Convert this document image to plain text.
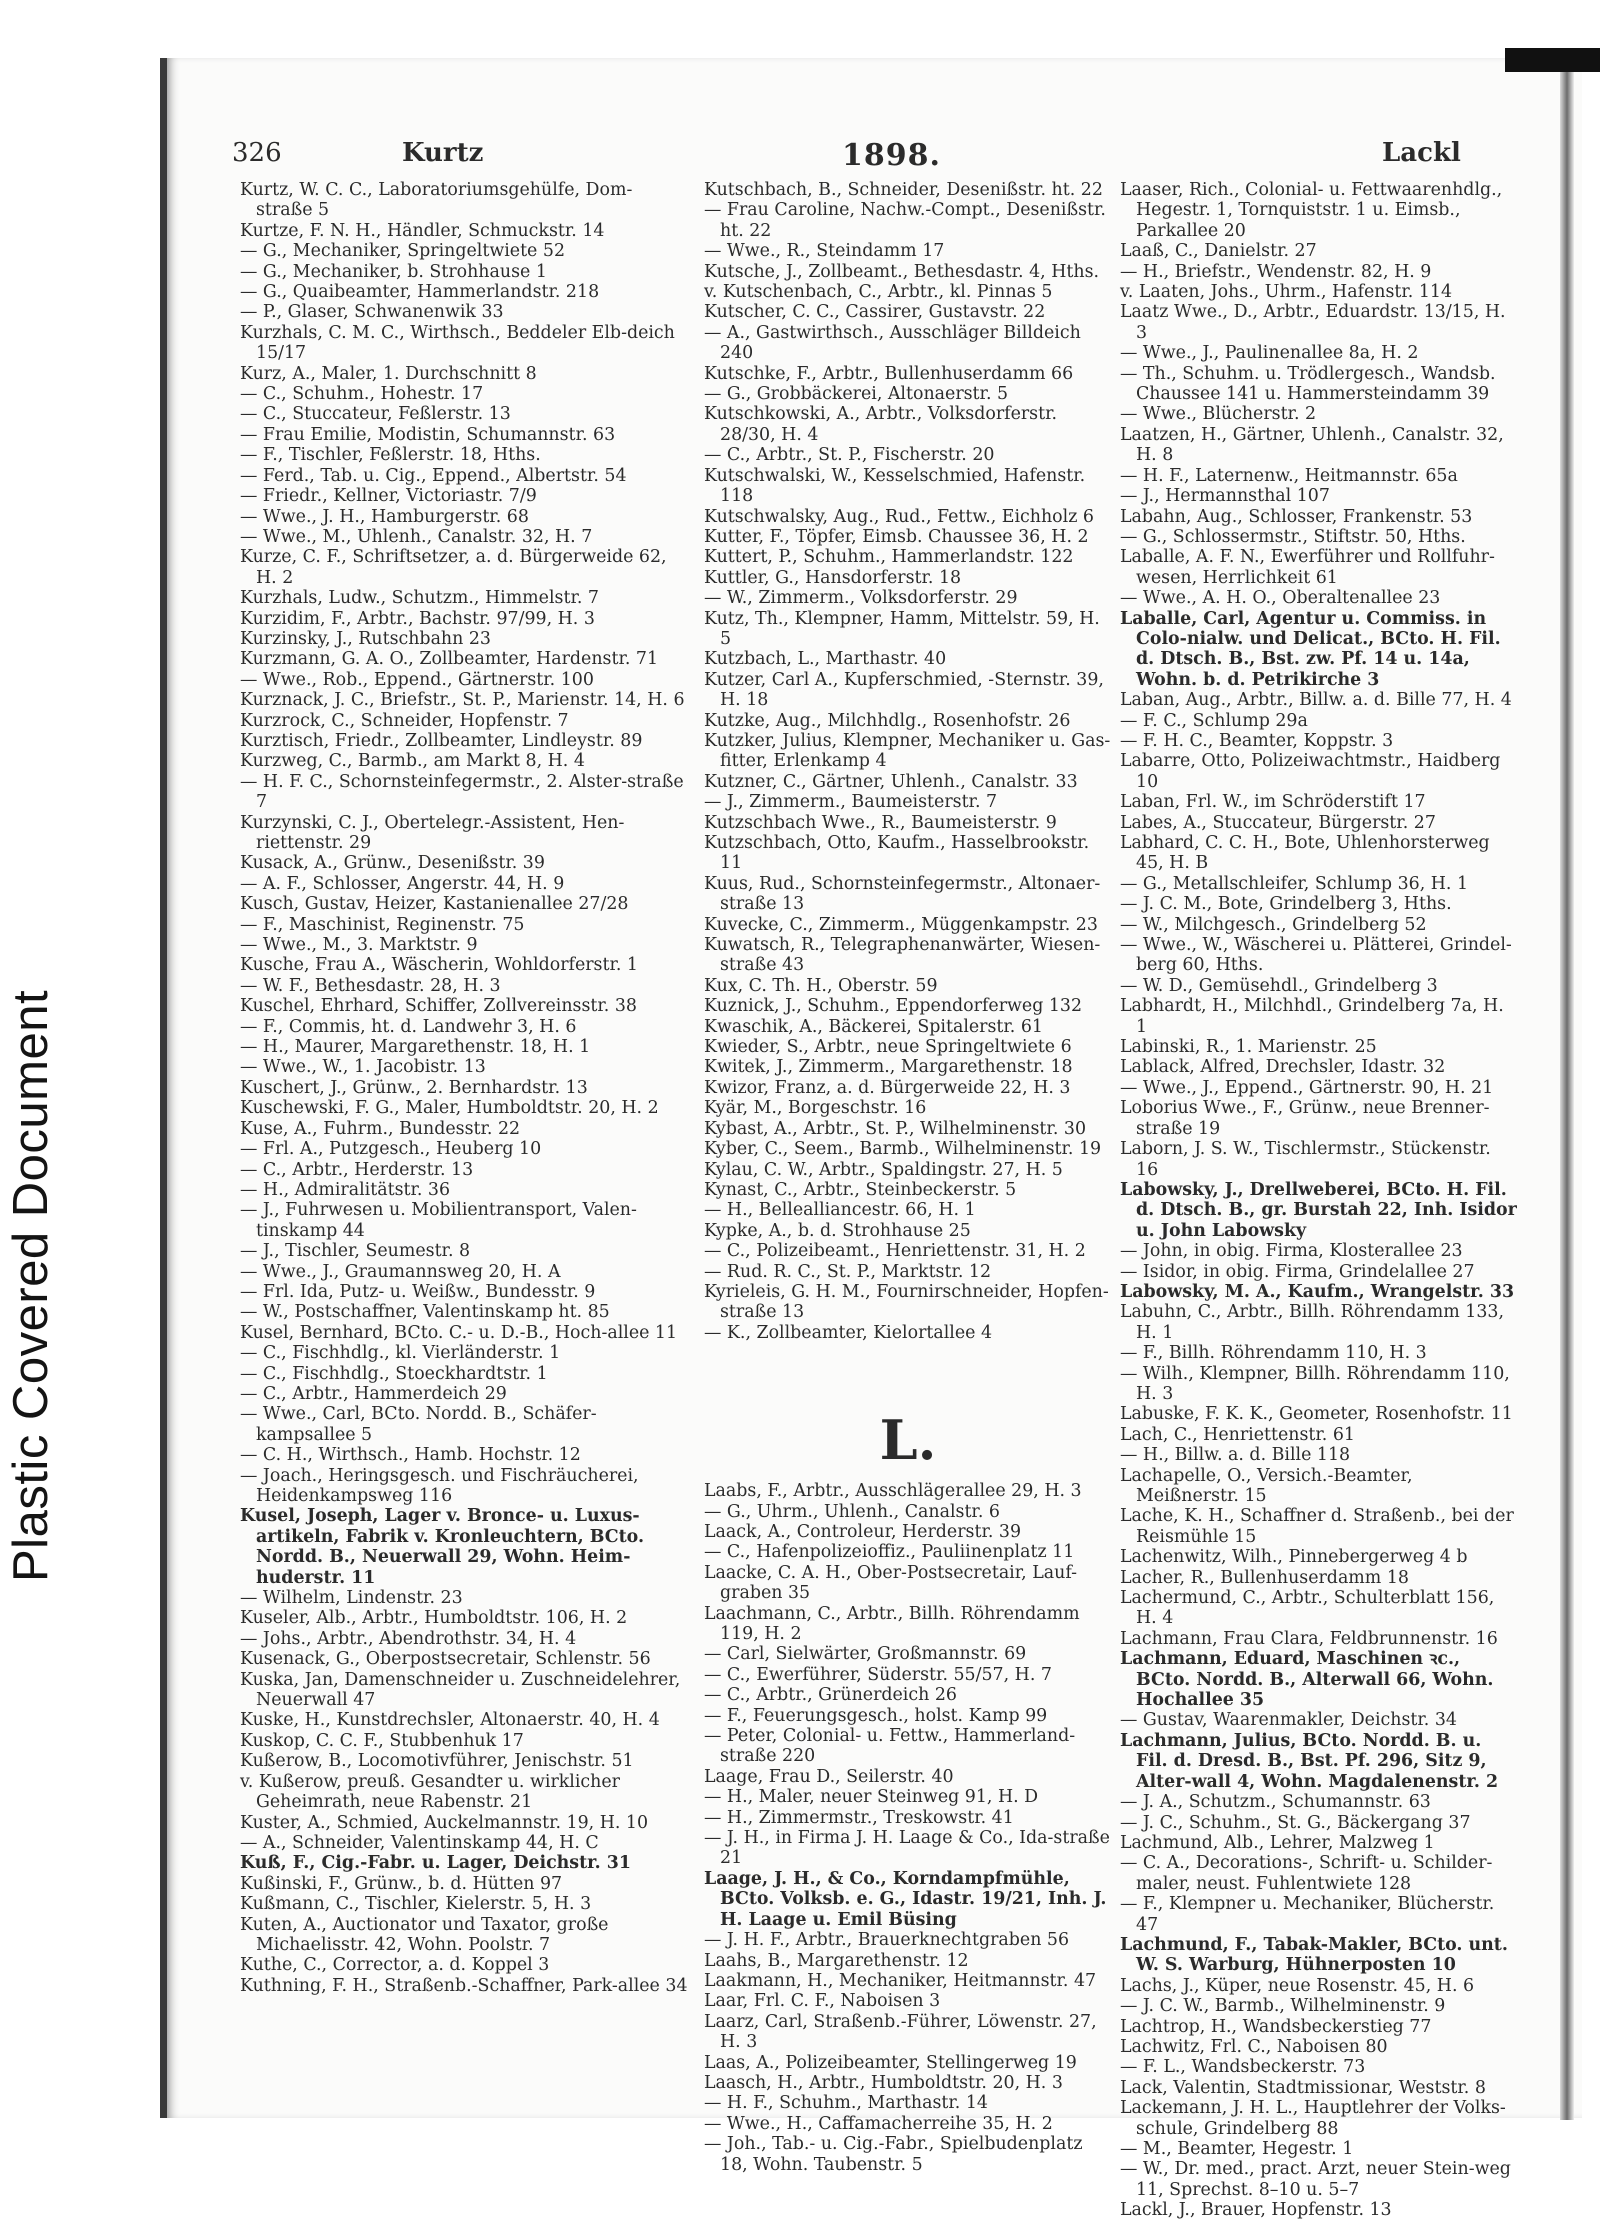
Plastic Covered Document
326	Kurtz	1898.	Lackl

Kurtz, W. C. C., Laboratoriumsgehülfe, Dom-straße 5

Kurtze, F. N. H., Händler, Schmuckstr. 14

— G., Mechaniker, Springeltwiete 52

— G., Mechaniker, b. Strohhause 1

— G., Quaibeamter, Hammerlandstr. 218

— P., Glaser, Schwanenwik 33

Kurzhals, C. M. C., Wirthsch., Beddeler Elb-deich 15/17

Kurz, A., Maler, 1. Durchschnitt 8

— C., Schuhm., Hohestr. 17

— C., Stuccateur, Feßlerstr. 13

— Frau Emilie, Modistin, Schumannstr. 63

— F., Tischler, Feßlerstr. 18, Hths.

— Ferd., Tab. u. Cig., Eppend., Albertstr. 54

— Friedr., Kellner, Victoriastr. 7/9

— Wwe., J. H., Hamburgerstr. 68

— Wwe., M., Uhlenh., Canalstr. 32, H. 7

Kurze, C. F., Schriftsetzer, a. d. Bürgerweide 62, H. 2

Kurzhals, Ludw., Schutzm., Himmelstr. 7

Kurzidim, F., Arbtr., Bachstr. 97/99, H. 3

Kurzinsky, J., Rutschbahn 23

Kurzmann, G. A. O., Zollbeamter, Hardenstr. 71

— Wwe., Rob., Eppend., Gärtnerstr. 100

Kurznack, J. C., Briefstr., St. P., Marienstr. 14, H. 6

Kurzrock, C., Schneider, Hopfenstr. 7

Kurztisch, Friedr., Zollbeamter, Lindleystr. 89

Kurzweg, C., Barmb., am Markt 8, H. 4

— H. F. C., Schornsteinfegermstr., 2. Alster-straße 7

Kurzynski, C. J., Obertelegr.-Assistent, Hen-riettenstr. 29

Kusack, A., Grünw., Desenißstr. 39

— A. F., Schlosser, Angerstr. 44, H. 9

Kusch, Gustav, Heizer, Kastanienallee 27/28

— F., Maschinist, Reginenstr. 75

— Wwe., M., 3. Marktstr. 9

Kusche, Frau A., Wäscherin, Wohldorferstr. 1

— W. F., Bethesdastr. 28, H. 3

Kuschel, Ehrhard, Schiffer, Zollvereinsstr. 38

— F., Commis, ht. d. Landwehr 3, H. 6

— H., Maurer, Margarethenstr. 18, H. 1

— Wwe., W., 1. Jacobistr. 13

Kuschert, J., Grünw., 2. Bernhardstr. 13

Kuschewski, F. G., Maler, Humboldtstr. 20, H. 2

Kuse, A., Fuhrm., Bundesstr. 22

— Frl. A., Putzgesch., Heuberg 10

— C., Arbtr., Herderstr. 13

— H., Admiralitätstr. 36

— J., Fuhrwesen u. Mobilientransport, Valen-tinskamp 44

— J., Tischler, Seumestr. 8

— Wwe., J., Graumannsweg 20, H. A

— Frl. Ida, Putz- u. Weißw., Bundesstr. 9

— W., Postschaffner, Valentinskamp ht. 85

Kusel, Bernhard, BCto. C.- u. D.-B., Hoch-allee 11

— C., Fischhdlg., kl. Vierländerstr. 1

— C., Fischhdlg., Stoeckhardtstr. 1

— C., Arbtr., Hammerdeich 29

— Wwe., Carl, BCto. Nordd. B., Schäfer-kampsallee 5

— C. H., Wirthsch., Hamb. Hochstr. 12

— Joach., Heringsgesch. und Fischräucherei, Heidenkampsweg 116

Kusel, Joseph, Lager v. Bronce- u. Luxus-artikeln, Fabrik v. Kronleuchtern, BCto. Nordd. B., Neuerwall 29, Wohn. Heim-huderstr. 11

— Wilhelm, Lindenstr. 23

Kuseler, Alb., Arbtr., Humboldtstr. 106, H. 2

— Johs., Arbtr., Abendrothstr. 34, H. 4

Kusenack, G., Oberpostsecretair, Schlenstr. 56

Kuska, Jan, Damenschneider u. Zuschneidelehrer, Neuerwall 47

Kuske, H., Kunstdrechsler, Altonaerstr. 40, H. 4

Kuskop, C. C. F., Stubbenhuk 17

Kußerow, B., Locomotivführer, Jenischstr. 51

v. Kußerow, preuß. Gesandter u. wirklicher Geheimrath, neue Rabenstr. 21

Kuster, A., Schmied, Auckelmannstr. 19, H. 10

— A., Schneider, Valentinskamp 44, H. C

Kuß, F., Cig.-Fabr. u. Lager, Deichstr. 31

Kußinski, F., Grünw., b. d. Hütten 97

Kußmann, C., Tischler, Kielerstr. 5, H. 3

Kuten, A., Auctionator und Taxator, große Michaelisstr. 42, Wohn. Poolstr. 7

Kuthe, C., Corrector, a. d. Koppel 3

Kuthning, F. H., Straßenb.-Schaffner, Park-allee 34

Kutschbach, B., Schneider, Desenißstr. ht. 22

— Frau Caroline, Nachw.-Compt., Desenißstr. ht. 22

— Wwe., R., Steindamm 17

Kutsche, J., Zollbeamt., Bethesdastr. 4, Hths.

v. Kutschenbach, C., Arbtr., kl. Pinnas 5

Kutscher, C. C., Cassirer, Gustavstr. 22

— A., Gastwirthsch., Ausschläger Billdeich 240

Kutschke, F., Arbtr., Bullenhuserdamm 66

— G., Grobbäckerei, Altonaerstr. 5

Kutschkowski, A., Arbtr., Volksdorferstr. 28/30, H. 4

— C., Arbtr., St. P., Fischerstr. 20

Kutschwalski, W., Kesselschmied, Hafenstr. 118

Kutschwalsky, Aug., Rud., Fettw., Eichholz 6

Kutter, F., Töpfer, Eimsb. Chaussee 36, H. 2

Kuttert, P., Schuhm., Hammerlandstr. 122

Kuttler, G., Hansdorferstr. 18

— W., Zimmerm., Volksdorferstr. 29

Kutz, Th., Klempner, Hamm, Mittelstr. 59, H. 5

Kutzbach, L., Marthastr. 40

Kutzer, Carl A., Kupferschmied, -Sternstr. 39, H. 18

Kutzke, Aug., Milchhdlg., Rosenhofstr. 26

Kutzker, Julius, Klempner, Mechaniker u. Gas-fitter, Erlenkamp 4

Kutzner, C., Gärtner, Uhlenh., Canalstr. 33

— J., Zimmerm., Baumeisterstr. 7

Kutzschbach Wwe., R., Baumeisterstr. 9

Kutzschbach, Otto, Kaufm., Hasselbrookstr. 11

Kuus, Rud., Schornsteinfegermstr., Altonaer-straße 13

Kuvecke, C., Zimmerm., Müggenkampstr. 23

Kuwatsch, R., Telegraphenanwärter, Wiesen-straße 43

Kux, C. Th. H., Oberstr. 59

Kuznick, J., Schuhm., Eppendorferweg 132

Kwaschik, A., Bäckerei, Spitalerstr. 61

Kwieder, S., Arbtr., neue Springeltwiete 6

Kwitek, J., Zimmerm., Margarethenstr. 18

Kwizor, Franz, a. d. Bürgerweide 22, H. 3

Kyär, M., Borgeschstr. 16

Kybast, A., Arbtr., St. P., Wilhelminenstr. 30

Kyber, C., Seem., Barmb., Wilhelminenstr. 19

Kylau, C. W., Arbtr., Spaldingstr. 27, H. 5

Kynast, C., Arbtr., Steinbeckerstr. 5

— H., Bellealliancestr. 66, H. 1

Kypke, A., b. d. Strohhause 25

— C., Polizeibeamt., Henriettenstr. 31, H. 2

— Rud. R. C., St. P., Marktstr. 12

Kyrieleis, G. H. M., Fournirschneider, Hopfen-straße 13

— K., Zollbeamter, Kielortallee 4

L.

Laabs, F., Arbtr., Ausschlägerallee 29, H. 3

— G., Uhrm., Uhlenh., Canalstr. 6

Laack, A., Controleur, Herderstr. 39

— C., Hafenpolizeioffiz., Pauliinenplatz 11

Laacke, C. A. H., Ober-Postsecretair, Lauf-graben 35

Laachmann, C., Arbtr., Billh. Röhrendamm 119, H. 2

— Carl, Sielwärter, Großmannstr. 69

— C., Ewerführer, Süderstr. 55/57, H. 7

— C., Arbtr., Grünerdeich 26

— F., Feuerungsgesch., holst. Kamp 99

— Peter, Colonial- u. Fettw., Hammerland-straße 220

Laage, Frau D., Seilerstr. 40

— H., Maler, neuer Steinweg 91, H. D

— H., Zimmermstr., Treskowstr. 41

— J. H., in Firma J. H. Laage & Co., Ida-straße 21

Laage, J. H., & Co., Korndampfmühle, BCto. Volksb. e. G., Idastr. 19/21, Inh. J. H. Laage u. Emil Büsing

— J. H. F., Arbtr., Brauerknechtgraben 56

Laahs, B., Margarethenstr. 12

Laakmann, H., Mechaniker, Heitmannstr. 47

Laar, Frl. C. F., Naboisen 3

Laarz, Carl, Straßenb.-Führer, Löwenstr. 27, H. 3

Laas, A., Polizeibeamter, Stellingerweg 19

Laasch, H., Arbtr., Humboldtstr. 20, H. 3

— H. F., Schuhm., Marthastr. 14

— Wwe., H., Caffamacherreihe 35, H. 2

— Joh., Tab.- u. Cig.-Fabr., Spielbudenplatz 18, Wohn. Taubenstr. 5

Laaser, Rich., Colonial- u. Fettwaarenhdlg., Hegestr. 1, Tornquiststr. 1 u. Eimsb., Parkallee 20

Laaß, C., Danielstr. 27

— H., Briefstr., Wendenstr. 82, H. 9

v. Laaten, Johs., Uhrm., Hafenstr. 114

Laatz Wwe., D., Arbtr., Eduardstr. 13/15, H. 3

— Wwe., J., Paulinenallee 8a, H. 2

— Th., Schuhm. u. Trödlergesch., Wandsb. Chaussee 141 u. Hammersteindamm 39

— Wwe., Blücherstr. 2

Laatzen, H., Gärtner, Uhlenh., Canalstr. 32, H. 8

— H. F., Laternenw., Heitmannstr. 65a

— J., Hermannsthal 107

Labahn, Aug., Schlosser, Frankenstr. 53

— G., Schlossermstr., Stiftstr. 50, Hths.

Laballe, A. F. N., Ewerführer und Rollfuhr-wesen, Herrlichkeit 61

— Wwe., A. H. O., Oberaltenallee 23

Laballe, Carl, Agentur u. Commiss. in Colo-nialw. und Delicat., BCto. H. Fil. d. Dtsch. B., Bst. zw. Pf. 14 u. 14a, Wohn. b. d. Petrikirche 3

Laban, Aug., Arbtr., Billw. a. d. Bille 77, H. 4

— F. C., Schlump 29a

— F. H. C., Beamter, Koppstr. 3

Labarre, Otto, Polizeiwachtmstr., Haidberg 10

Laban, Frl. W., im Schröderstift 17

Labes, A., Stuccateur, Bürgerstr. 27

Labhard, C. C. H., Bote, Uhlenhorsterweg 45, H. B

— G., Metallschleifer, Schlump 36, H. 1

— J. C. M., Bote, Grindelberg 3, Hths.

— W., Milchgesch., Grindelberg 52

— Wwe., W., Wäscherei u. Plätterei, Grindel-berg 60, Hths.

— W. D., Gemüsehdl., Grindelberg 3

Labhardt, H., Milchhdl., Grindelberg 7a, H. 1

Labinski, R., 1. Marienstr. 25

Lablack, Alfred, Drechsler, Idastr. 32

— Wwe., J., Eppend., Gärtnerstr. 90, H. 21

Loborius Wwe., F., Grünw., neue Brenner-straße 19

Laborn, J. S. W., Tischlermstr., Stückenstr. 16

Labowsky, J., Drellweberei, BCto. H. Fil. d. Dtsch. B., gr. Burstah 22, Inh. Isidor u. John Labowsky

— John, in obig. Firma, Klosterallee 23

— Isidor, in obig. Firma, Grindelallee 27

Labowsky, M. A., Kaufm., Wrangelstr. 33

Labuhn, C., Arbtr., Billh. Röhrendamm 133, H. 1

— F., Billh. Röhrendamm 110, H. 3

— Wilh., Klempner, Billh. Röhrendamm 110, H. 3

Labuske, F. K. K., Geometer, Rosenhofstr. 11

Lach, C., Henriettenstr. 61

— H., Billw. a. d. Bille 118

Lachapelle, O., Versich.-Beamter, Meißnerstr. 15

Lache, K. H., Schaffner d. Straßenb., bei der Reismühle 15

Lachenwitz, Wilh., Pinnebergerweg 4 b

Lacher, R., Bullenhuserdamm 18

Lachermund, C., Arbtr., Schulterblatt 156, H. 4

Lachmann, Frau Clara, Feldbrunnenstr. 16

Lachmann, Eduard, Maschinen ꝛc., BCto. Nordd. B., Alterwall 66, Wohn. Hochallee 35

— Gustav, Waarenmakler, Deichstr. 34

Lachmann, Julius, BCto. Nordd. B. u. Fil. d. Dresd. B., Bst. Pf. 296, Sitz 9, Alter-wall 4, Wohn. Magdalenenstr. 2

— J. A., Schutzm., Schumannstr. 63

— J. C., Schuhm., St. G., Bäckergang 37

Lachmund, Alb., Lehrer, Malzweg 1

— C. A., Decorations-, Schrift- u. Schilder-maler, neust. Fuhlentwiete 128

— F., Klempner u. Mechaniker, Blücherstr. 47

Lachmund, F., Tabak-Makler, BCto. unt. W. S. Warburg, Hühnerposten 10

Lachs, J., Küper, neue Rosenstr. 45, H. 6

— J. C. W., Barmb., Wilhelminenstr. 9

Lachtrop, H., Wandsbeckerstieg 77

Lachwitz, Frl. C., Naboisen 80

— F. L., Wandsbeckerstr. 73

Lack, Valentin, Stadtmissionar, Weststr. 8

Lackemann, J. H. L., Hauptlehrer der Volks-schule, Grindelberg 88

— M., Beamter, Hegestr. 1

— W., Dr. med., pract. Arzt, neuer Stein-weg 11, Sprechst. 8–10 u. 5–7

Lackl, J., Brauer, Hopfenstr. 13
